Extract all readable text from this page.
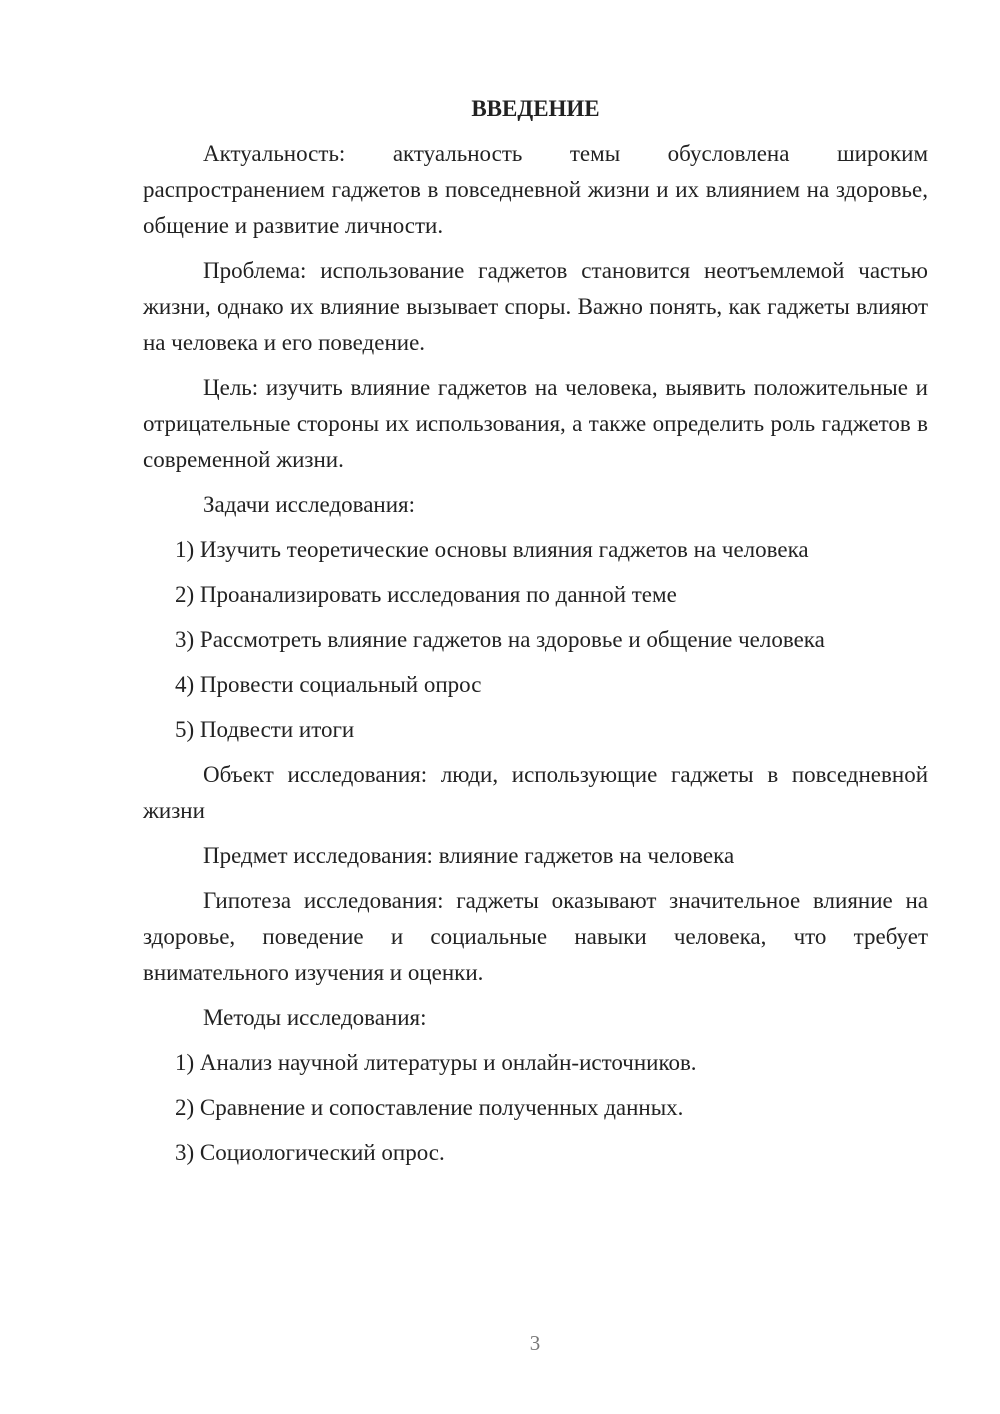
ВВЕДЕНИЕ
Актуальность: актуальность темы обусловлена широким распространением гаджетов в повседневной жизни и их влиянием на здоровье, общение и развитие личности.
Проблема: использование гаджетов становится неотъемлемой частью жизни, однако их влияние вызывает споры. Важно понять, как гаджеты влияют на человека и его поведение.
Цель: изучить влияние гаджетов на человека, выявить положительные и отрицательные стороны их использования, а также определить роль гаджетов в современной жизни.
Задачи исследования:
1) Изучить теоретические основы влияния гаджетов на человека
2) Проанализировать исследования по данной теме
3) Рассмотреть влияние гаджетов на здоровье и общение человека
4) Провести социальный опрос
5) Подвести итоги
Объект исследования: люди, использующие гаджеты в повседневной жизни
Предмет исследования: влияние гаджетов на человека
Гипотеза исследования: гаджеты оказывают значительное влияние на здоровье, поведение и социальные навыки человека, что требует внимательного изучения и оценки.
Методы исследования:
1) Анализ научной литературы и онлайн-источников.
2) Сравнение и сопоставление полученных данных.
3) Социологический опрос.
3
